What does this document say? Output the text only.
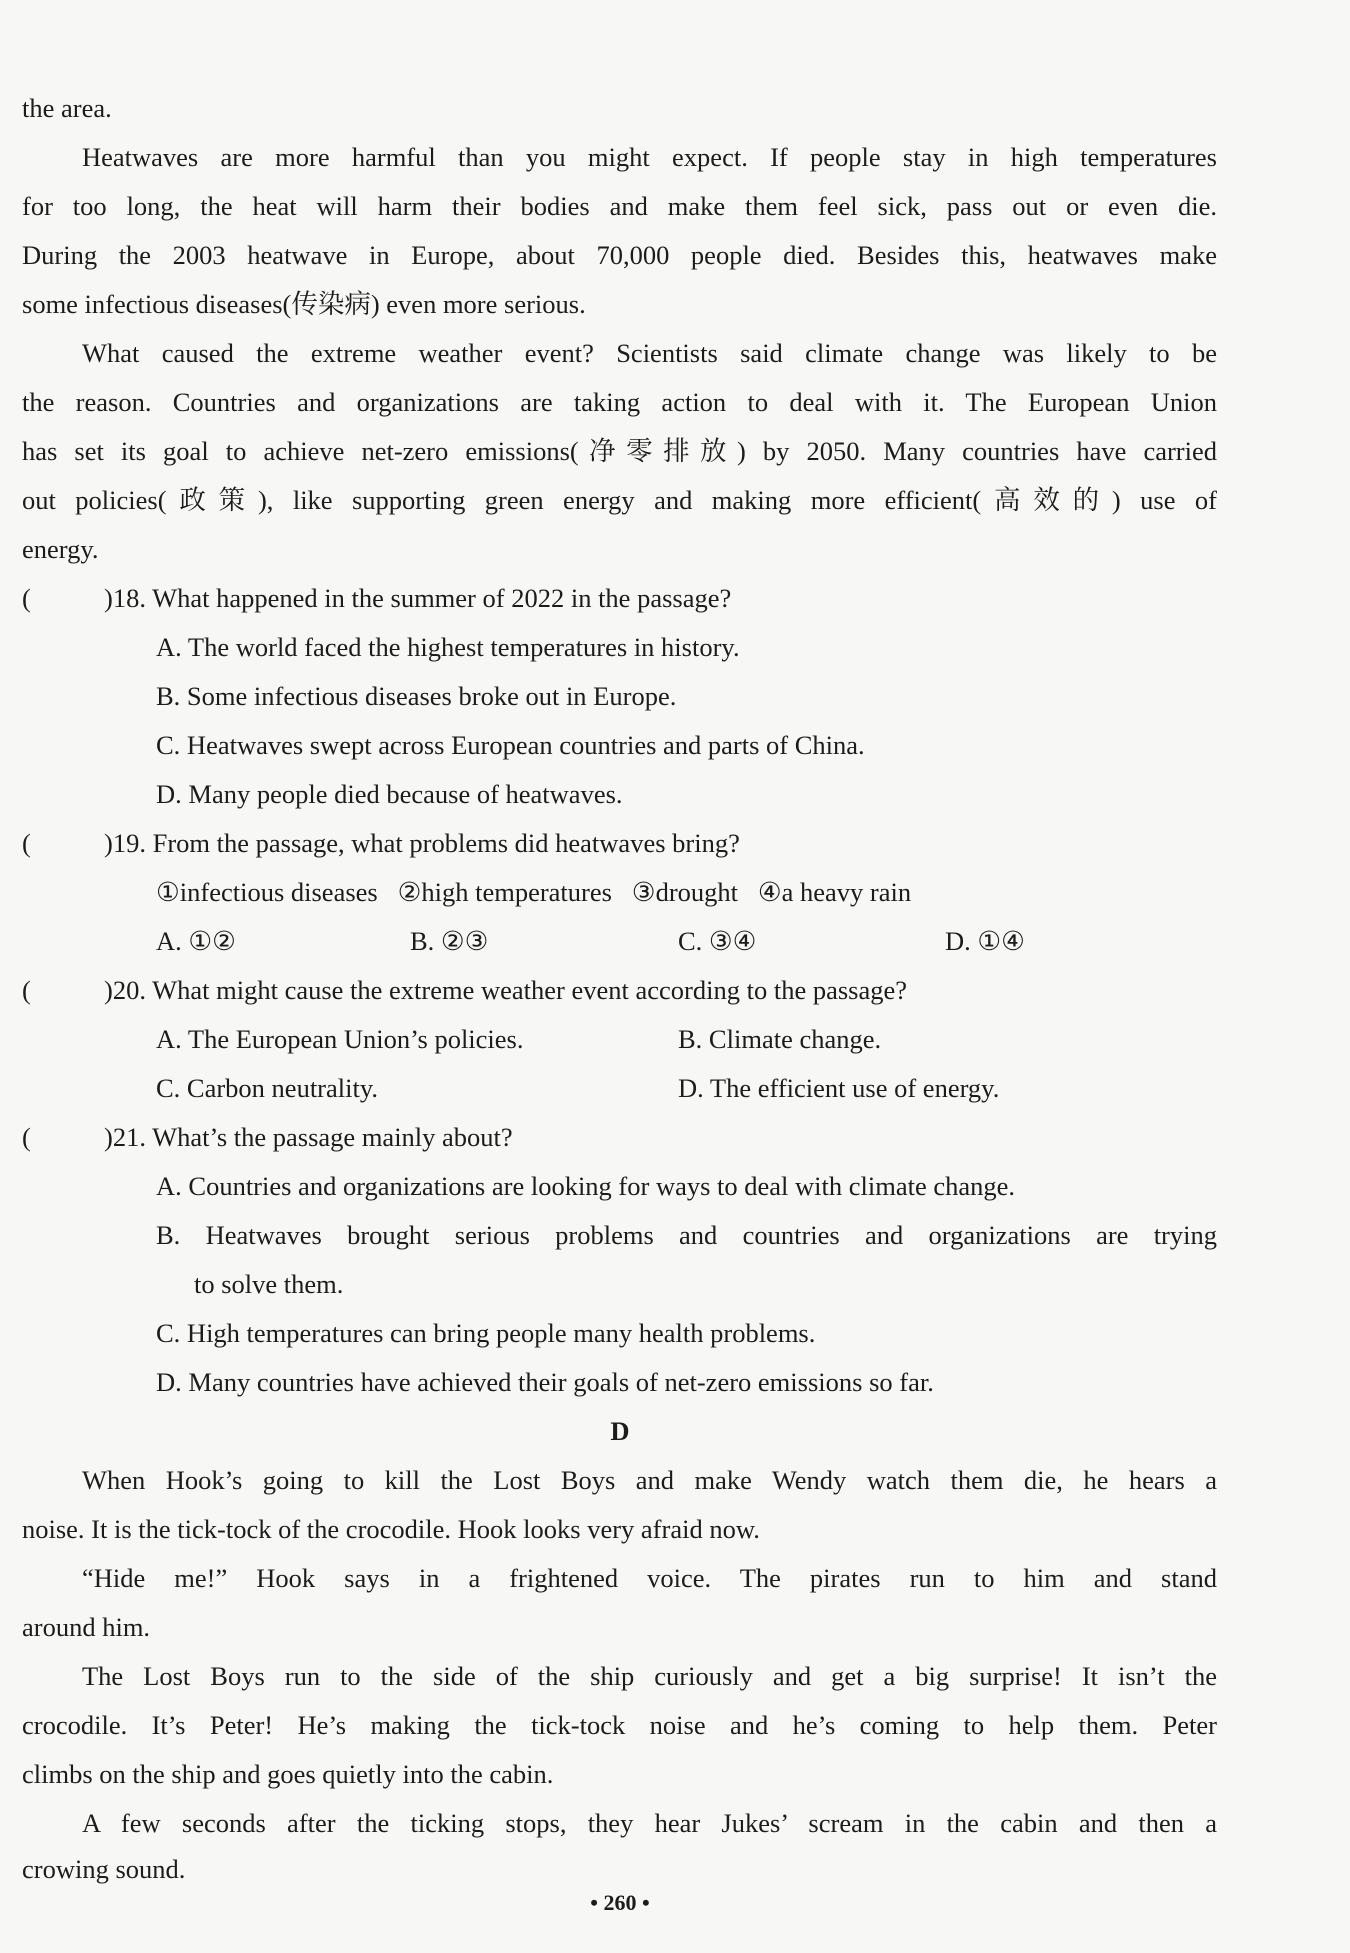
the area.
Heatwaves are more harmful than you might expect. If people stay in high temperatures
for too long, the heat will harm their bodies and make them feel sick, pass out or even die.
During the 2003 heatwave in Europe, about 70,000 people died. Besides this, heatwaves make
some infectious diseases(传染病) even more serious.
What caused the extreme weather event? Scientists said climate change was likely to be
the reason. Countries and organizations are taking action to deal with it. The European Union
has set its goal to achieve net-zero emissions(净零排放) by 2050. Many countries have carried
out policies(政策), like supporting green energy and making more efficient(高效的) use of
energy.
(	)18. What happened in the summer of 2022 in the passage?
A. The world faced the highest temperatures in history.
B. Some infectious diseases broke out in Europe.
C. Heatwaves swept across European countries and parts of China.
D. Many people died because of heatwaves.
(	)19. From the passage, what problems did heatwaves bring?
①infectious diseases   ②high temperatures   ③drought   ④a heavy rain
A. ①②	B. ②③	C. ③④	D. ①④
(	)20. What might cause the extreme weather event according to the passage?
A. The European Union’s policies.	B. Climate change.
C. Carbon neutrality.	D. The efficient use of energy.
(	)21. What’s the passage mainly about?
A. Countries and organizations are looking for ways to deal with climate change.
B. Heatwaves brought serious problems and countries and organizations are trying
to solve them.
C. High temperatures can bring people many health problems.
D. Many countries have achieved their goals of net-zero emissions so far.
D
When Hook’s going to kill the Lost Boys and make Wendy watch them die, he hears a
noise. It is the tick-tock of the crocodile. Hook looks very afraid now.
“Hide me!” Hook says in a frightened voice. The pirates run to him and stand
around him.
The Lost Boys run to the side of the ship curiously and get a big surprise! It isn’t the
crocodile. It’s Peter! He’s making the tick-tock noise and he’s coming to help them. Peter
climbs on the ship and goes quietly into the cabin.
A few seconds after the ticking stops, they hear Jukes’ scream in the cabin and then a
crowing sound.
• 260 •
